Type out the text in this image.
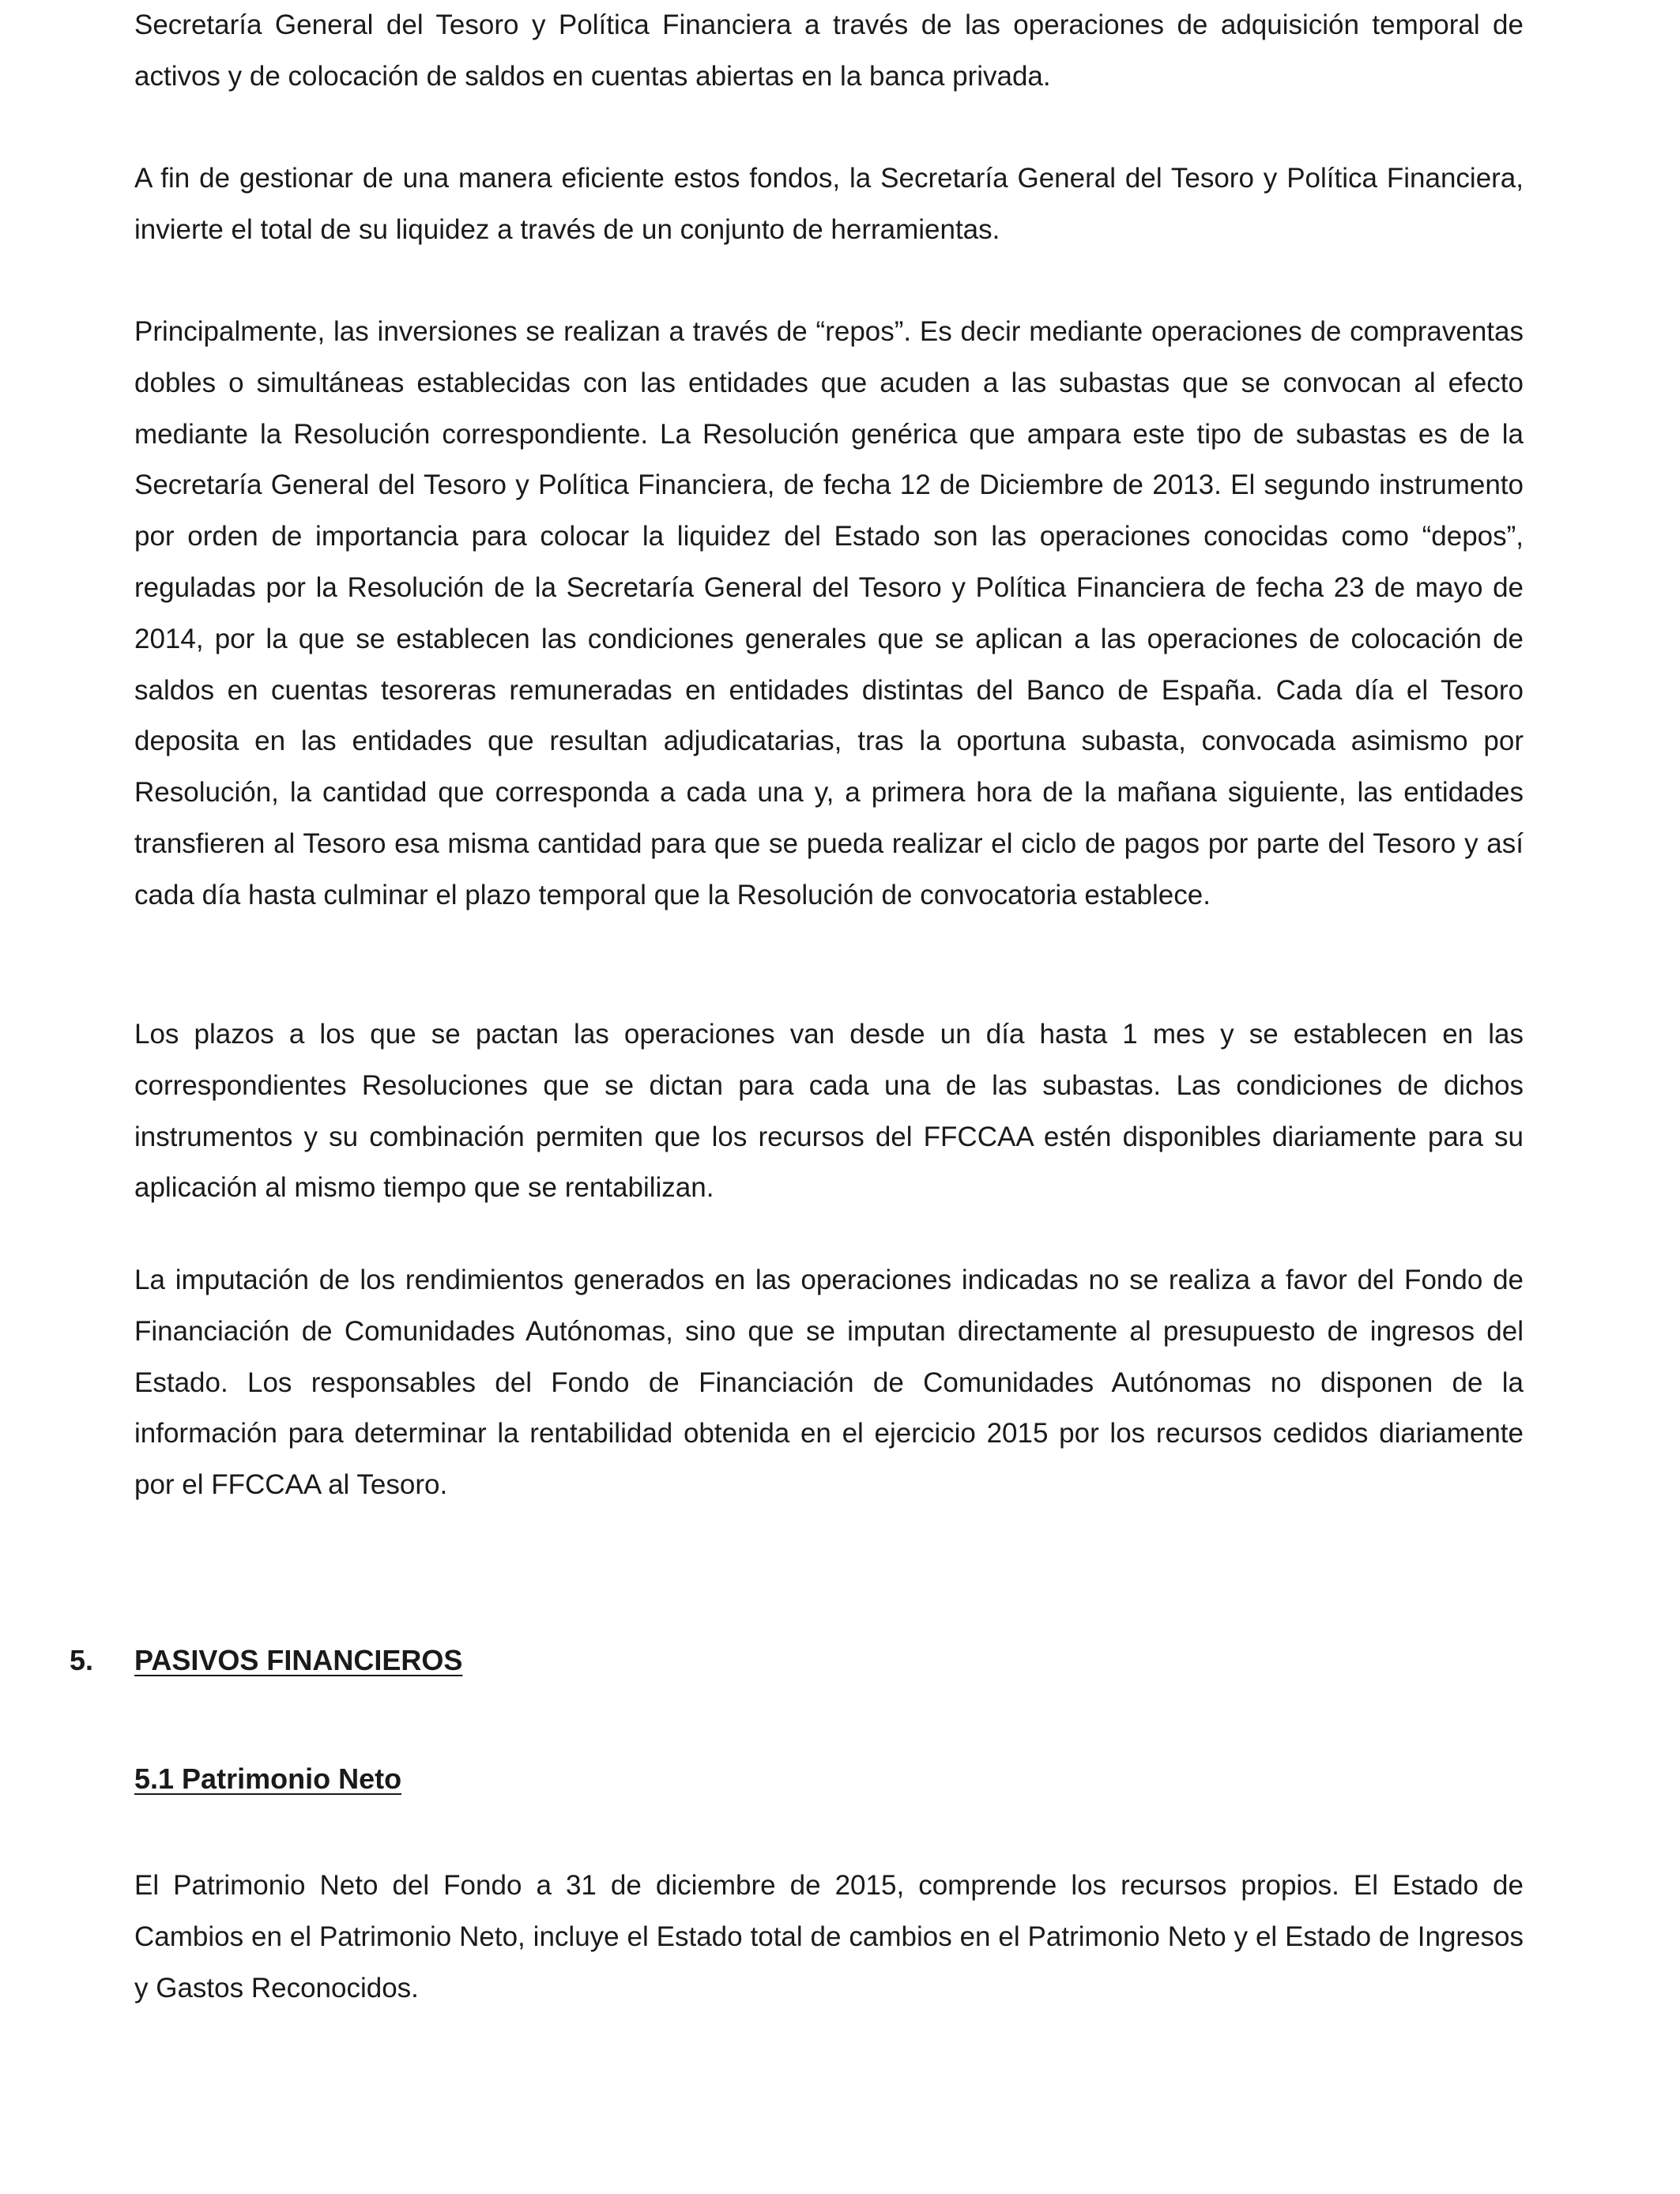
Secretaría General del Tesoro y Política Financiera a través de las operaciones de adquisición temporal de activos y de colocación de saldos en cuentas abiertas en la banca privada.

A fin de gestionar de una manera eficiente estos fondos, la Secretaría General del Tesoro y Política Financiera, invierte el total de su liquidez a través de un conjunto de herramientas.

Principalmente, las inversiones se realizan a través de “repos”. Es decir mediante operaciones de compraventas dobles o simultáneas establecidas con las entidades que acuden a las subastas que se convocan al efecto mediante la Resolución correspondiente. La Resolución genérica que ampara este tipo de subastas es de la Secretaría General del Tesoro y Política Financiera, de fecha 12 de Diciembre de 2013. El segundo instrumento por orden de importancia para colocar la liquidez del Estado son las operaciones conocidas como “depos”, reguladas por la Resolución de la Secretaría General del Tesoro y Política Financiera de fecha 23 de mayo de 2014, por la que se establecen las condiciones generales que se aplican a las operaciones de colocación de saldos en cuentas tesoreras remuneradas en entidades distintas del Banco de España. Cada día el Tesoro deposita en las entidades que resultan adjudicatarias, tras la oportuna subasta, convocada asimismo por Resolución, la cantidad que corresponda a cada una y, a primera hora de la mañana siguiente, las entidades transfieren al Tesoro esa misma cantidad para que se pueda realizar el ciclo de pagos por parte del Tesoro y así cada día hasta culminar el plazo temporal que la Resolución de convocatoria establece.

Los plazos a los que se pactan las operaciones van desde un día hasta 1 mes y se establecen en las correspondientes Resoluciones que se dictan para cada una de las subastas. Las condiciones de dichos instrumentos y su combinación permiten que los recursos del FFCCAA estén disponibles diariamente para su aplicación al mismo tiempo que se rentabilizan.

La imputación de los rendimientos generados en las operaciones indicadas no se realiza a favor del Fondo de Financiación de Comunidades Autónomas, sino que se imputan directamente al presupuesto de ingresos del Estado. Los responsables del Fondo de Financiación de Comunidades Autónomas no disponen de la información para determinar la rentabilidad obtenida en el ejercicio 2015 por los recursos cedidos diariamente por el FFCCAA al Tesoro.

5. PASIVOS FINANCIEROS
5.1 Patrimonio Neto

El Patrimonio Neto del Fondo a 31 de diciembre de 2015, comprende los recursos propios. El Estado de Cambios en el Patrimonio Neto, incluye el Estado total de cambios en el Patrimonio Neto y el Estado de Ingresos y Gastos Reconocidos.
